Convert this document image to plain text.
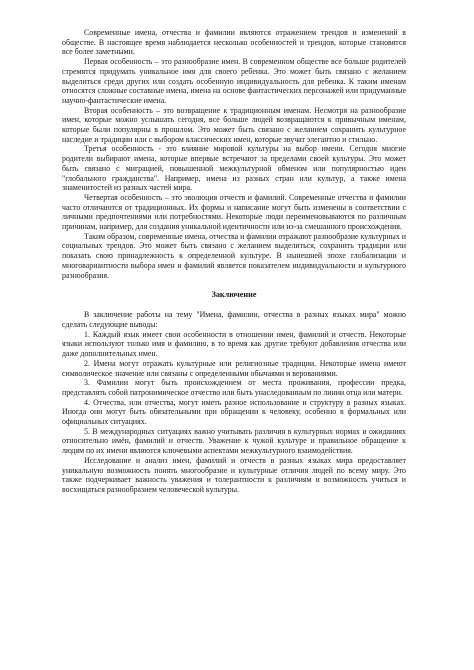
Современные имена, отчества и фамилии являются отражением трендов и изменений в обществе. В настоящее время наблюдается несколько особенностей и трендов, которые становятся все более заметными.

Первая особенность – это разнообразие имен. В современном обществе все больше родителей стремятся придумать уникальное имя для своего ребенка. Это может быть связано с желанием выделиться среди других или создать особенную индивидуальность для ребенка. К таким именам относятся сложные составные имена, имена на основе фантастических персонажей или придуманные научно-фантастические имена.

Вторая особенность – это возвращение к традиционным именам. Несмотря на разнообразие имен, которые можно услышать сегодня, все больше людей возвращаются к привычным именам, которые были популярны в прошлом. Это может быть связано с желанием сохранить культурное наследие и традиции или с выбором классических имен, которые звучат элегантно и стильно.

Третья особенность - это влияние мировой культуры на выбор имени. Сегодня многие родители выбирают имена, которые впервые встречают за пределами своей культуры. Это может быть связано с миграцией, повышенной межкультурной обменом или популярностью идеи "глобального гражданства". Например, имена из разных стран или культур, а также имена знаменитостей из разных частей мира.

Четвертая особенность – это эволюция отчеств и фамилий. Современные отчества и фамилии часто отличаются от традиционных. Их формы и написание могут быть изменены в соответствии с личными предпочтениями или потребностями. Некоторые люди переименовываются по различным причинам, например, для создания уникальной идентичности или из-за смешанного происхождения.

Таким образом, современные имена, отчества и фамилии отражают разнообразие культурных и социальных трендов. Это может быть связано с желанием выделиться, сохранить традиции или показать свою принадлежность к определенной культуре. В нынешней эпохе глобализации и многовариантности выбора имен и фамилий является показателем индивидуальности и культурного разнообразия.

Заключение

В заключение работы на тему "Имена, фамилии, отчества в разных языках мира" можно сделать следующие выводы:

1. Каждый язык имеет свои особенности в отношении имен, фамилий и отчеств. Некоторые языки используют только имя и фамилию, в то время как другие требуют добавления отчества или даже дополнительных имен.

2. Имена могут отражать культурные или религиозные традиции. Некоторые имена имеют символическое значение или связаны с определенными обычаями и верованиями.

3. Фамилии могут быть происхождением от места проживания, профессии предка, представлять собой патронимическое отчество или быть унаследованным по линии отца или матери.

4. Отчества, или отчества, могут иметь разное использование и структуру в разных языках. Иногда они могут быть обязательными при обращении к человеку, особенно в формальных или официальных ситуациях.

5. В международных ситуациях важно учитывать различия в культурных нормах и ожиданиях относительно имён, фамилий и отчеств. Уважение к чужой культуре и правильное обращение к людям по их имени являются ключевыми аспектами межкультурного взаимодействия.

Исследование и анализ имен, фамилий и отчеств в разных языках мира предоставляет уникальную возможность понять многообразие и культурные отличия людей по всему миру. Это также подчеркивает важность уважения и толерантности к различиям и возможность учиться и восхищаться разнообразием человеческой культуры.
